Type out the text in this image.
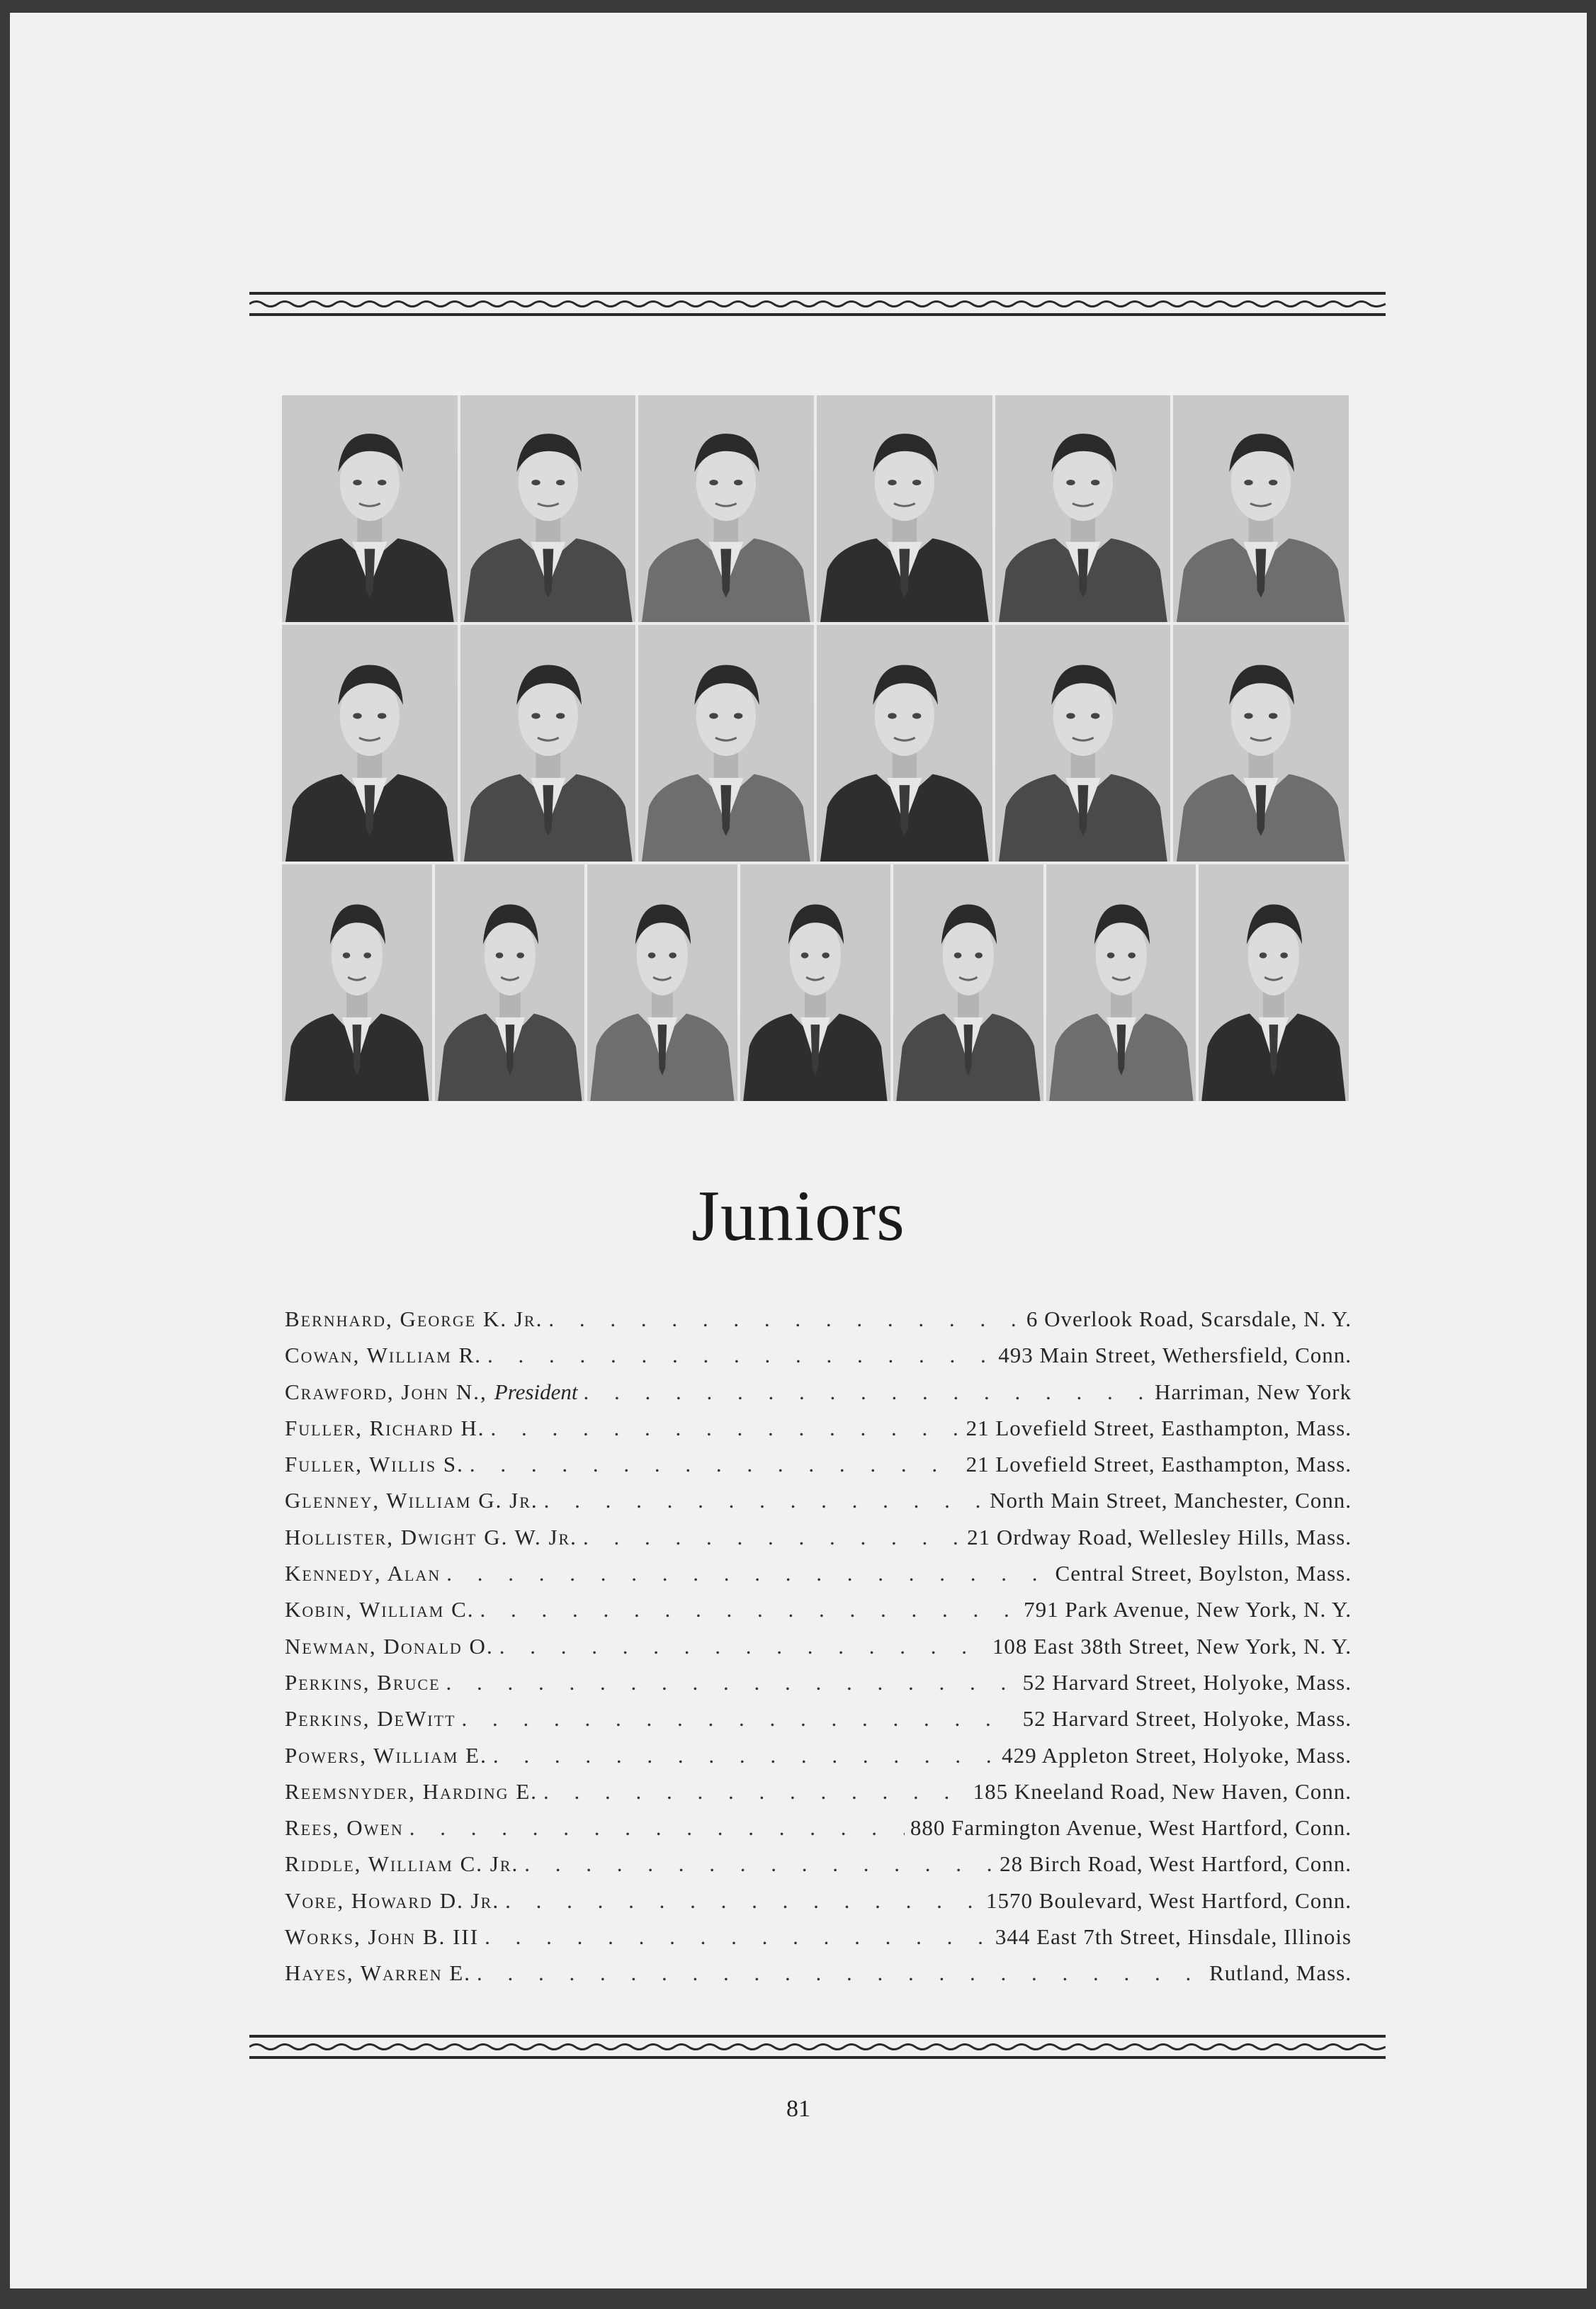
Juniors
Bernhard, George K. Jr. . . .	6 Overlook Road, Scarsdale, N. Y.
Cowan, William R. . . .	493 Main Street, Wethersfield, Conn.
Crawford, John N., President . . .	Harriman, New York
Fuller, Richard H. . . .	21 Lovefield Street, Easthampton, Mass.
Fuller, Willis S. . . .	21 Lovefield Street, Easthampton, Mass.
Glenney, William G. Jr. . . .	North Main Street, Manchester, Conn.
Hollister, Dwight G. W. Jr. . . .	21 Ordway Road, Wellesley Hills, Mass.
Kennedy, Alan . . .	Central Street, Boylston, Mass.
Kobin, William C. . . .	791 Park Avenue, New York, N. Y.
Newman, Donald O. . . .	108 East 38th Street, New York, N. Y.
Perkins, Bruce . . .	52 Harvard Street, Holyoke, Mass.
Perkins, DeWitt . . .	52 Harvard Street, Holyoke, Mass.
Powers, William E. . . .	429 Appleton Street, Holyoke, Mass.
Reemsnyder, Harding E. . . .	185 Kneeland Road, New Haven, Conn.
Rees, Owen . . .	880 Farmington Avenue, West Hartford, Conn.
Riddle, William C. Jr. . . .	28 Birch Road, West Hartford, Conn.
Vore, Howard D. Jr. . . .	1570 Boulevard, West Hartford, Conn.
Works, John B. III . . .	344 East 7th Street, Hinsdale, Illinois
Hayes, Warren E. . . .	Rutland, Mass.
81
